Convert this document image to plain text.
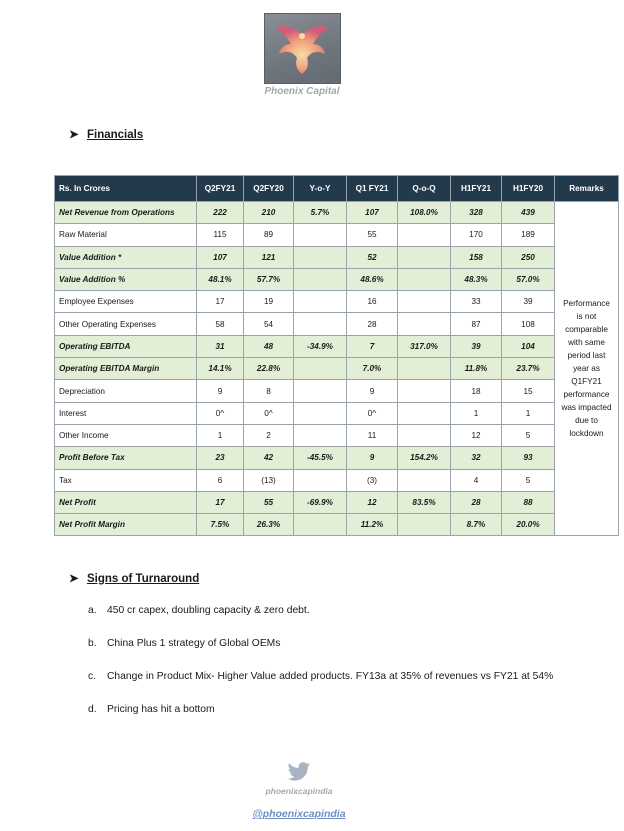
Phoenix Capital
➤ Financials
Rs. In Crores	Q2FY21	Q2FY20	Y-o-Y	Q1 FY21	Q-o-Q	H1FY21	H1FY20	Remarks
Net Revenue from Operations	222	210	5.7%	107	108.0%	328	439	Performance is not comparable with same period last year as Q1FY21 performance was impacted due to lockdown
Raw Material	115	89		55		170	189	
Value Addition *	107	121		52		158	250	
Value Addition %	48.1%	57.7%		48.6%		48.3%	57.0%	
Employee Expenses	17	19		16		33	39	
Other Operating Expenses	58	54		28		87	108	
Operating EBITDA	31	48	-34.9%	7	317.0%	39	104	
Operating EBITDA Margin	14.1%	22.8%		7.0%		11.8%	23.7%	
Depreciation	9	8		9		18	15	
Interest	0^	0^		0^		1	1	
Other Income	1	2		11		12	5	
Profit Before Tax	23	42	-45.5%	9	154.2%	32	93	
Tax	6	(13)		(3)		4	5	
Net Profit	17	55	-69.9%	12	83.5%	28	88	
Net Profit Margin	7.5%	26.3%		11.2%		8.7%	20.0%	
➤ Signs of Turnaround
a. 450 cr capex, doubling capacity & zero debt.
b. China Plus 1 strategy of Global OEMs
c. Change in Product Mix- Higher Value added products. FY13a at 35% of revenues vs FY21 at 54%
d. Pricing has hit a bottom
phoenixcapindia
@phoenixcapindia
